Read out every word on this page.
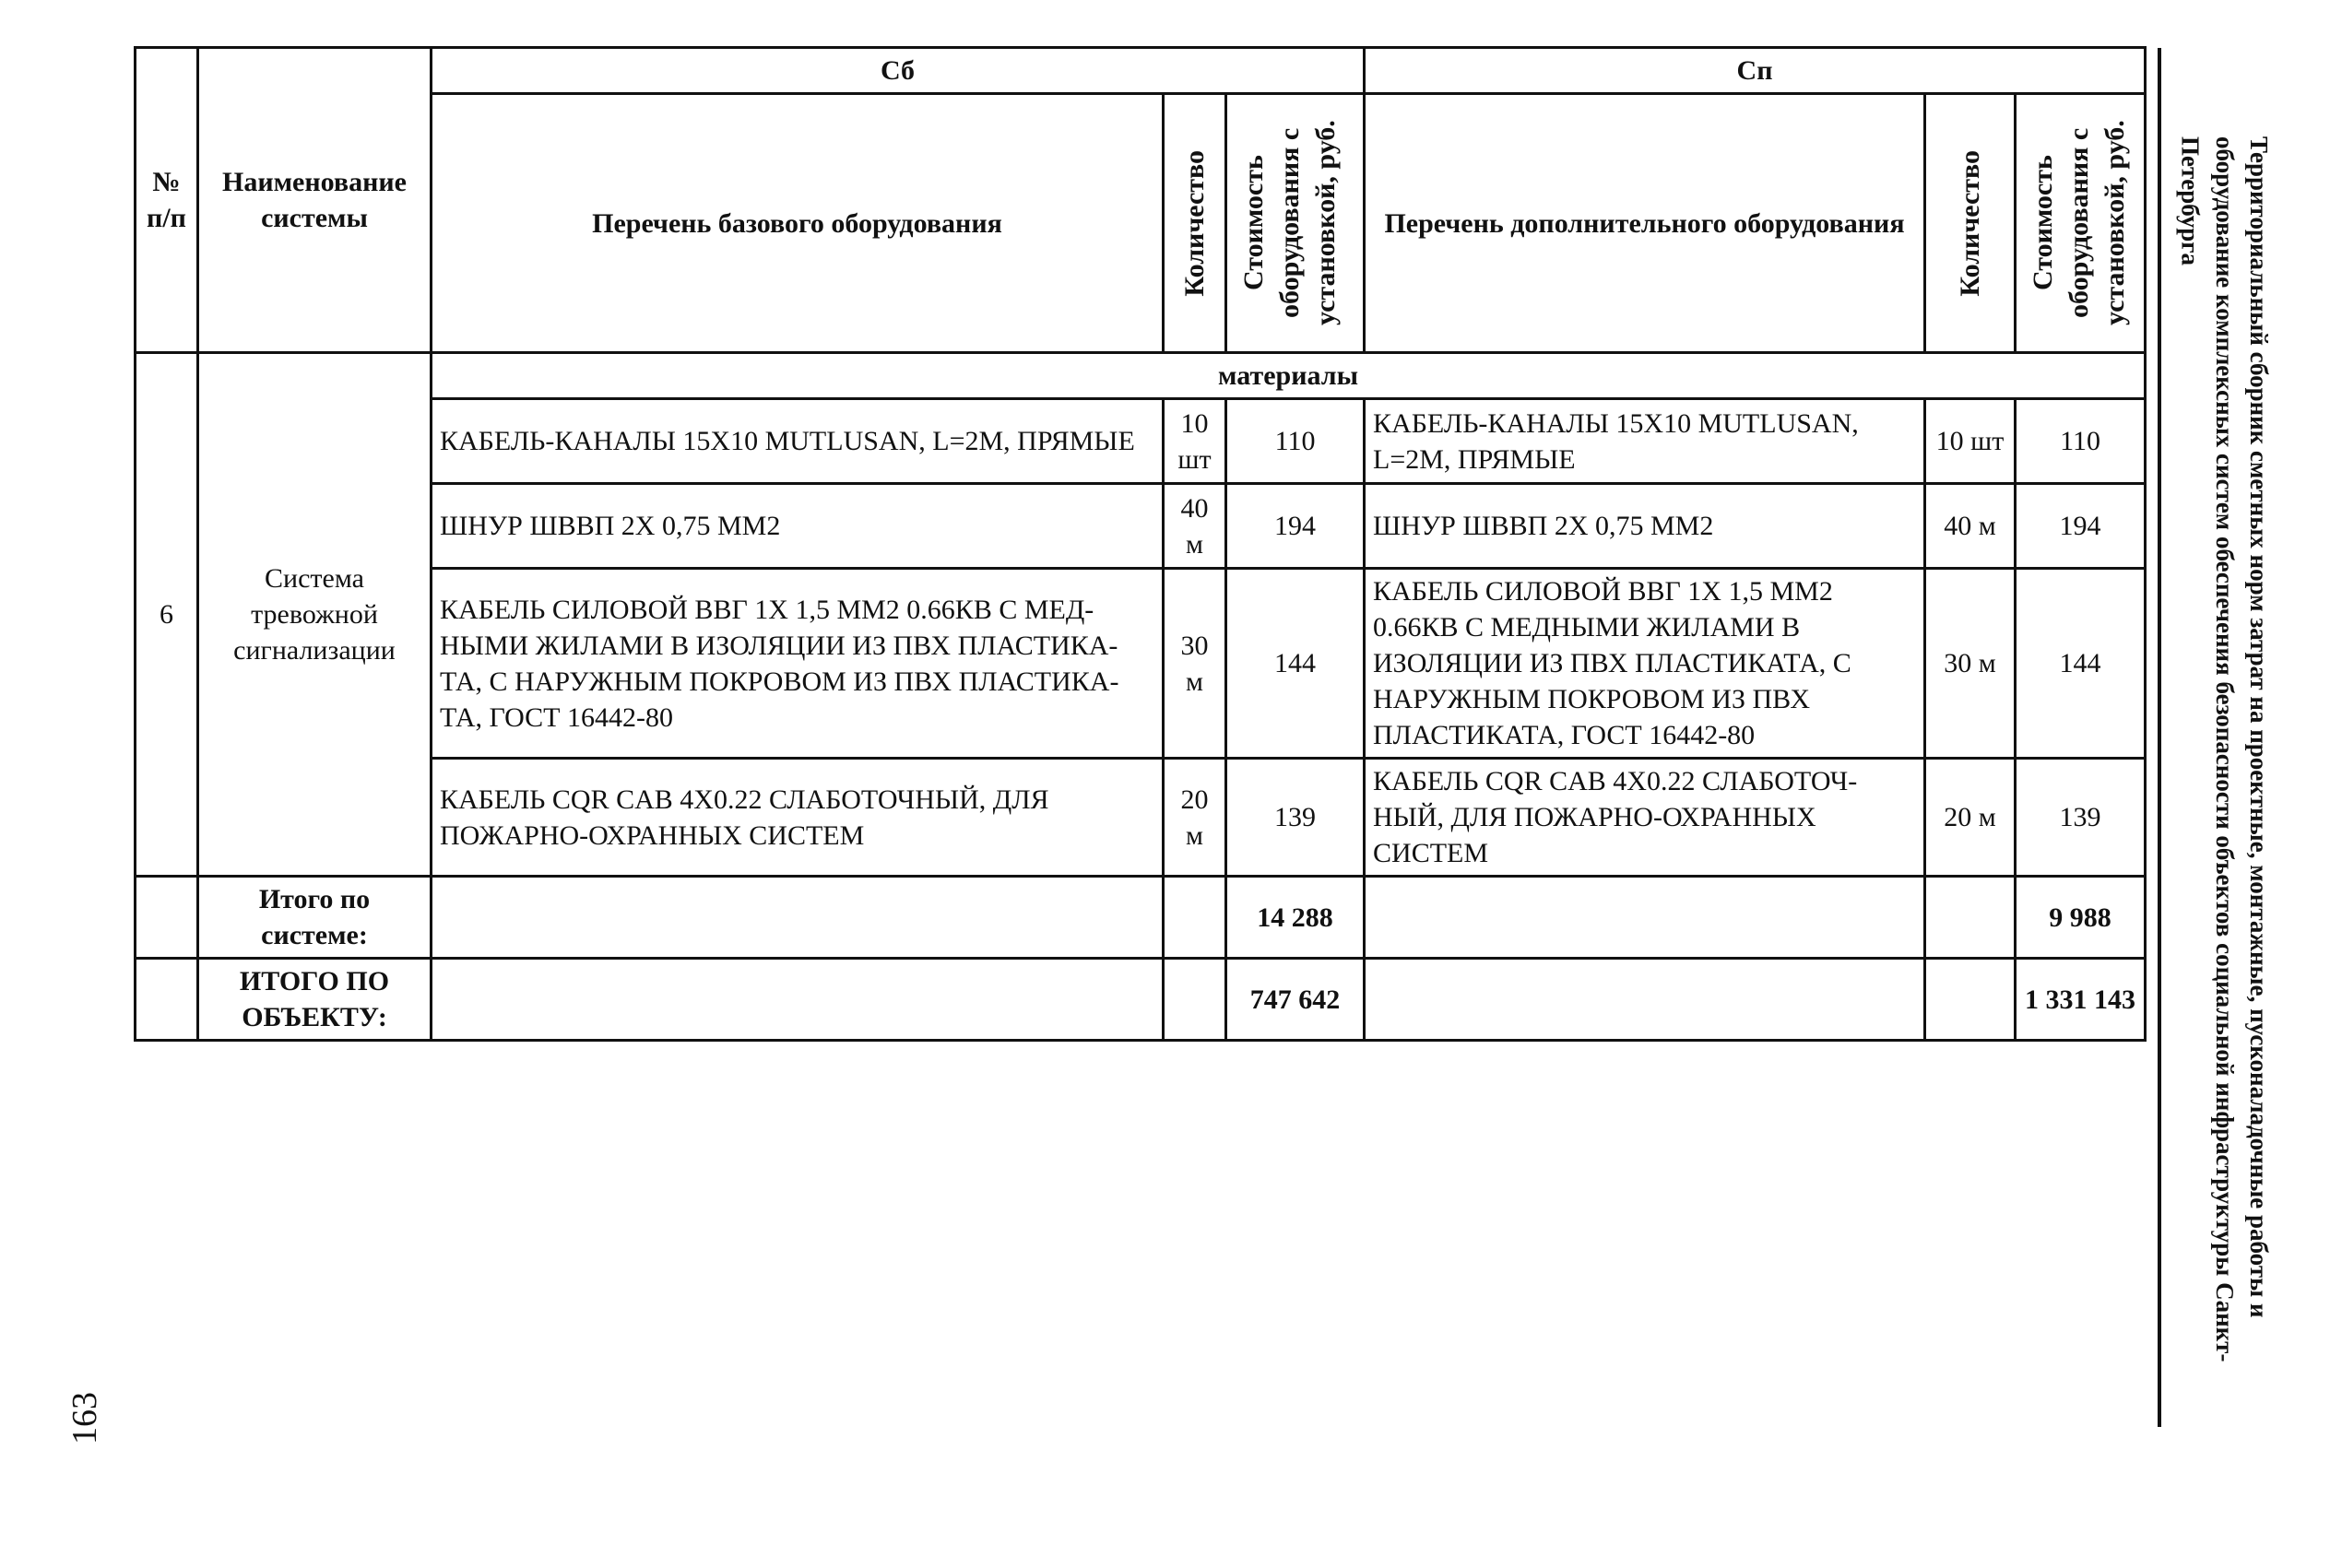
№ п/п	Наименование системы	Сб			Сп		
		Перечень базового оборудования	Количество	Стоимость оборудования с установкой, руб.	Перечень дополнительного оборудования	Количество	Стоимость оборудования с установкой, руб.

6	Система тревожной сигнализации	материалы					
		КАБЕЛЬ-КАНАЛЫ 15Х10 MUTLUSAN, L=2М, ПРЯМЫЕ	10 шт	110	КАБЕЛЬ-КАНАЛЫ 15Х10 MUTLUSAN, L=2М, ПРЯМЫЕ	10 шт	110
		ШНУР ШВВП 2Х 0,75 ММ2	40 м	194	ШНУР ШВВП 2Х 0,75 ММ2	40 м	194
		КАБЕЛЬ СИЛОВОЙ ВВГ 1Х 1,5 ММ2 0.66КВ С МЕД-НЫМИ ЖИЛАМИ В ИЗОЛЯЦИИ ИЗ ПВХ ПЛАСТИКА-ТА, С НАРУЖНЫМ ПОКРОВОМ ИЗ ПВХ ПЛАСТИКА-ТА, ГОСТ 16442-80	30 м	144	КАБЕЛЬ СИЛОВОЙ ВВГ 1Х 1,5 ММ2 0.66КВ С МЕДНЫМИ ЖИЛАМИ В ИЗОЛЯЦИИ ИЗ ПВХ ПЛАСТИКАТА, С НАРУЖНЫМ ПОКРОВОМ ИЗ ПВХ ПЛАСТИКАТА, ГОСТ 16442-80	30 м	144
		КАБЕЛЬ CQR CAB 4Х0.22 СЛАБОТОЧНЫЙ, ДЛЯ ПОЖАРНО-ОХРАННЫХ СИСТЕМ	20 м	139	КАБЕЛЬ CQR CAB 4Х0.22 СЛАБОТОЧ-НЫЙ, ДЛЯ ПОЖАРНО-ОХРАННЫХ СИСТЕМ	20 м	139
	Итого по системе:			14 288			9 988
	ИТОГО ПО ОБЪЕКТУ:			747 642			1 331 143	Территориальный сборник сметных норм затрат на проектные, монтажные, пусконаладочные работы и оборудование комплексных систем обеспечения безопасности объектов социальной инфраструктуры Санкт-Петербурга
163
